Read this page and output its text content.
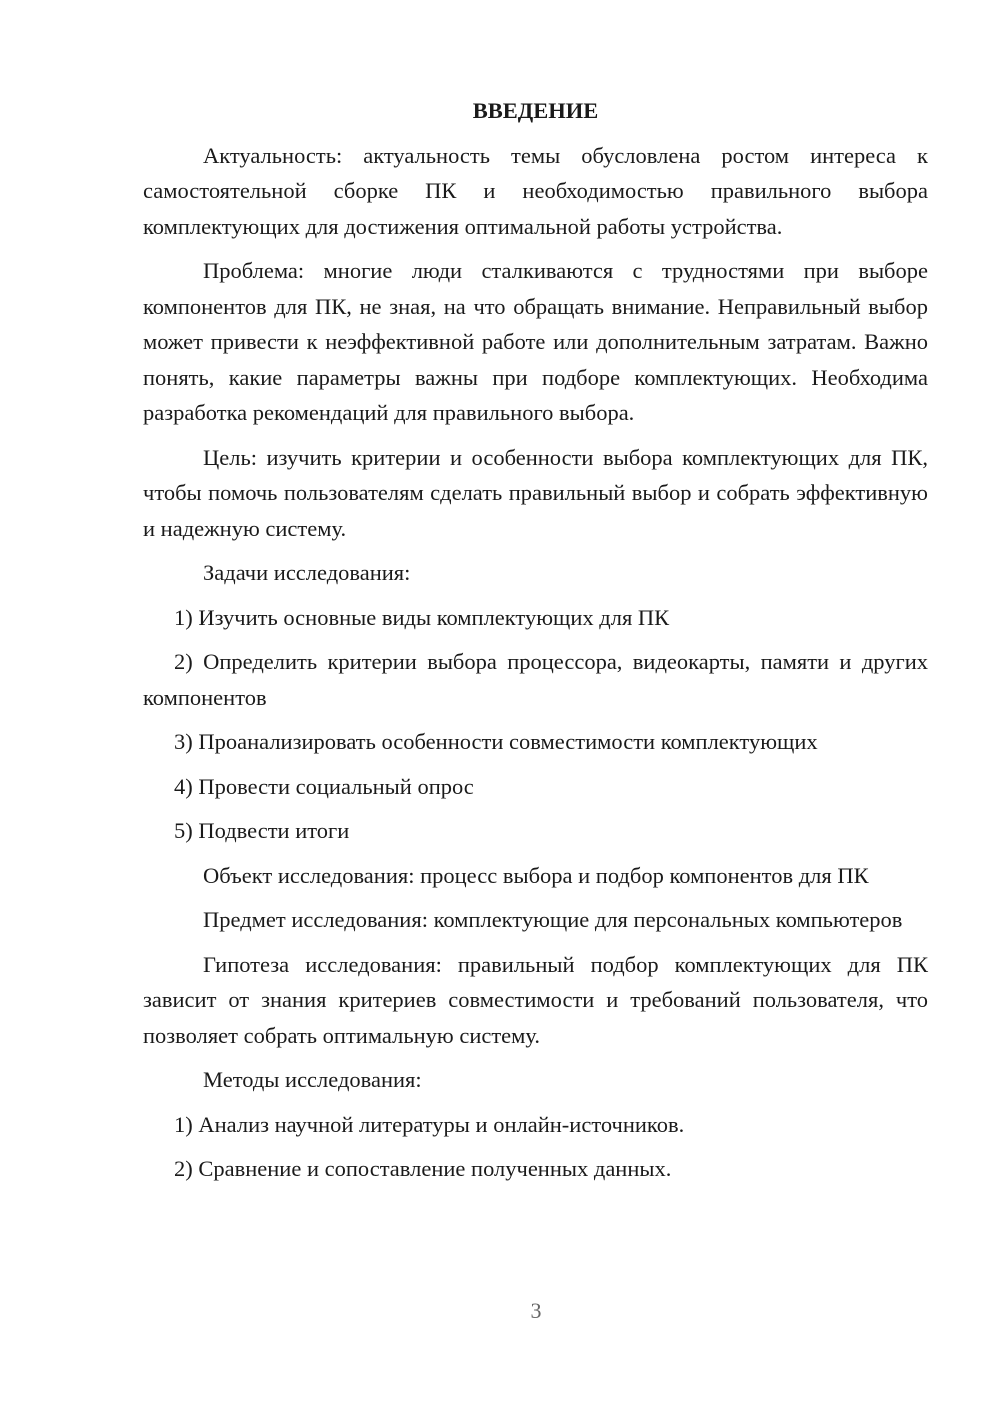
ВВЕДЕНИЕ

Актуальность: актуальность темы обусловлена ростом интереса к самостоятельной сборке ПК и необходимостью правильного выбора комплектующих для достижения оптимальной работы устройства.

Проблема: многие люди сталкиваются с трудностями при выборе компонентов для ПК, не зная, на что обращать внимание. Неправильный выбор может привести к неэффективной работе или дополнительным затратам. Важно понять, какие параметры важны при подборе комплектующих. Необходима разработка рекомендаций для правильного выбора.

Цель: изучить критерии и особенности выбора комплектующих для ПК, чтобы помочь пользователям сделать правильный выбор и собрать эффективную и надежную систему.

Задачи исследования:

1) Изучить основные виды комплектующих для ПК

2) Определить критерии выбора процессора, видеокарты, памяти и других компонентов

3) Проанализировать особенности совместимости комплектующих

4) Провести социальный опрос

5) Подвести итоги

Объект исследования: процесс выбора и подбор компонентов для ПК

Предмет исследования: комплектующие для персональных компьютеров

Гипотеза исследования: правильный подбор комплектующих для ПК зависит от знания критериев совместимости и требований пользователя, что позволяет собрать оптимальную систему.

Методы исследования:

1) Анализ научной литературы и онлайн-источников.

2) Сравнение и сопоставление полученных данных.

3
